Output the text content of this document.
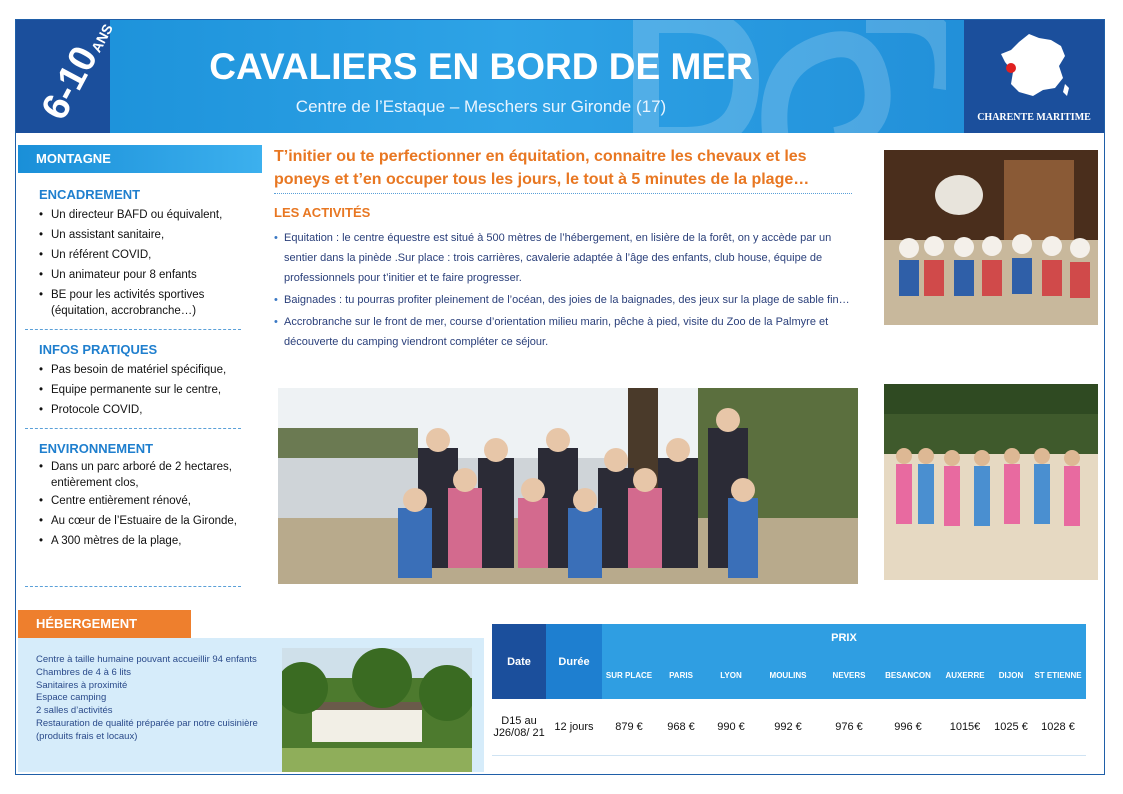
6-10ANS
CAVALIERS EN BORD DE MER
Centre de l’Estaque – Meschers sur Gironde (17)
CHARENTE MARITIME
MONTAGNE
ENCADREMENT
• Un directeur BAFD ou équivalent,
• Un assistant sanitaire,
• Un référent COVID,
• Un animateur pour 8 enfants
• BE pour les activités sportives
(équitation, accrobranche…)
INFOS PRATIQUES
• Pas besoin de matériel spécifique,
• Equipe permanente sur le centre,
• Protocole COVID,
ENVIRONNEMENT
• Dans un parc arboré de 2 hectares,
entièrement clos,
• Centre entièrement rénové,
• Au cœur de l’Estuaire de la Gironde,
• A 300 mètres de la plage,
T’initier ou te perfectionner en équitation, connaitre les chevaux et les poneys et t’en occuper tous les jours, le tout à 5 minutes de la plage…
LES ACTIVITÉS
• Equitation : le centre équestre est situé à 500 mètres de l’hébergement, en lisière de la forêt, on y accède par un sentier dans la pinède .Sur place : trois carrières, cavalerie adaptée à l’âge des enfants, club house, équipe de professionnels pour t’initier et te faire progresser.
• Baignades : tu pourras profiter pleinement de l’océan, des joies de la baignades, des jeux sur la plage de sable fin…
• Accrobranche sur le front de mer, course d’orientation milieu marin, pêche à pied, visite du Zoo de la Palmyre et découverte du camping viendront compléter ce séjour.
HÉBERGEMENT
Centre à taille humaine pouvant accueillir 94 enfants
Chambres de 4 à 6 lits
Sanitaires à proximité
Espace camping
2 salles d’activités
Restauration de qualité préparée par notre cuisinière (produits frais et locaux)
Date	Durée	PRIX								
		SUR PLACE	PARIS	LYON	MOULINS	NEVERS	BESANCON	AUXERRE	DIJON	ST ETIENNE
D15 au J26/08/ 21	12 jours	879 €	968 €	990 €	992 €	976 €	996 €	1015€	1025 €	1028 €
